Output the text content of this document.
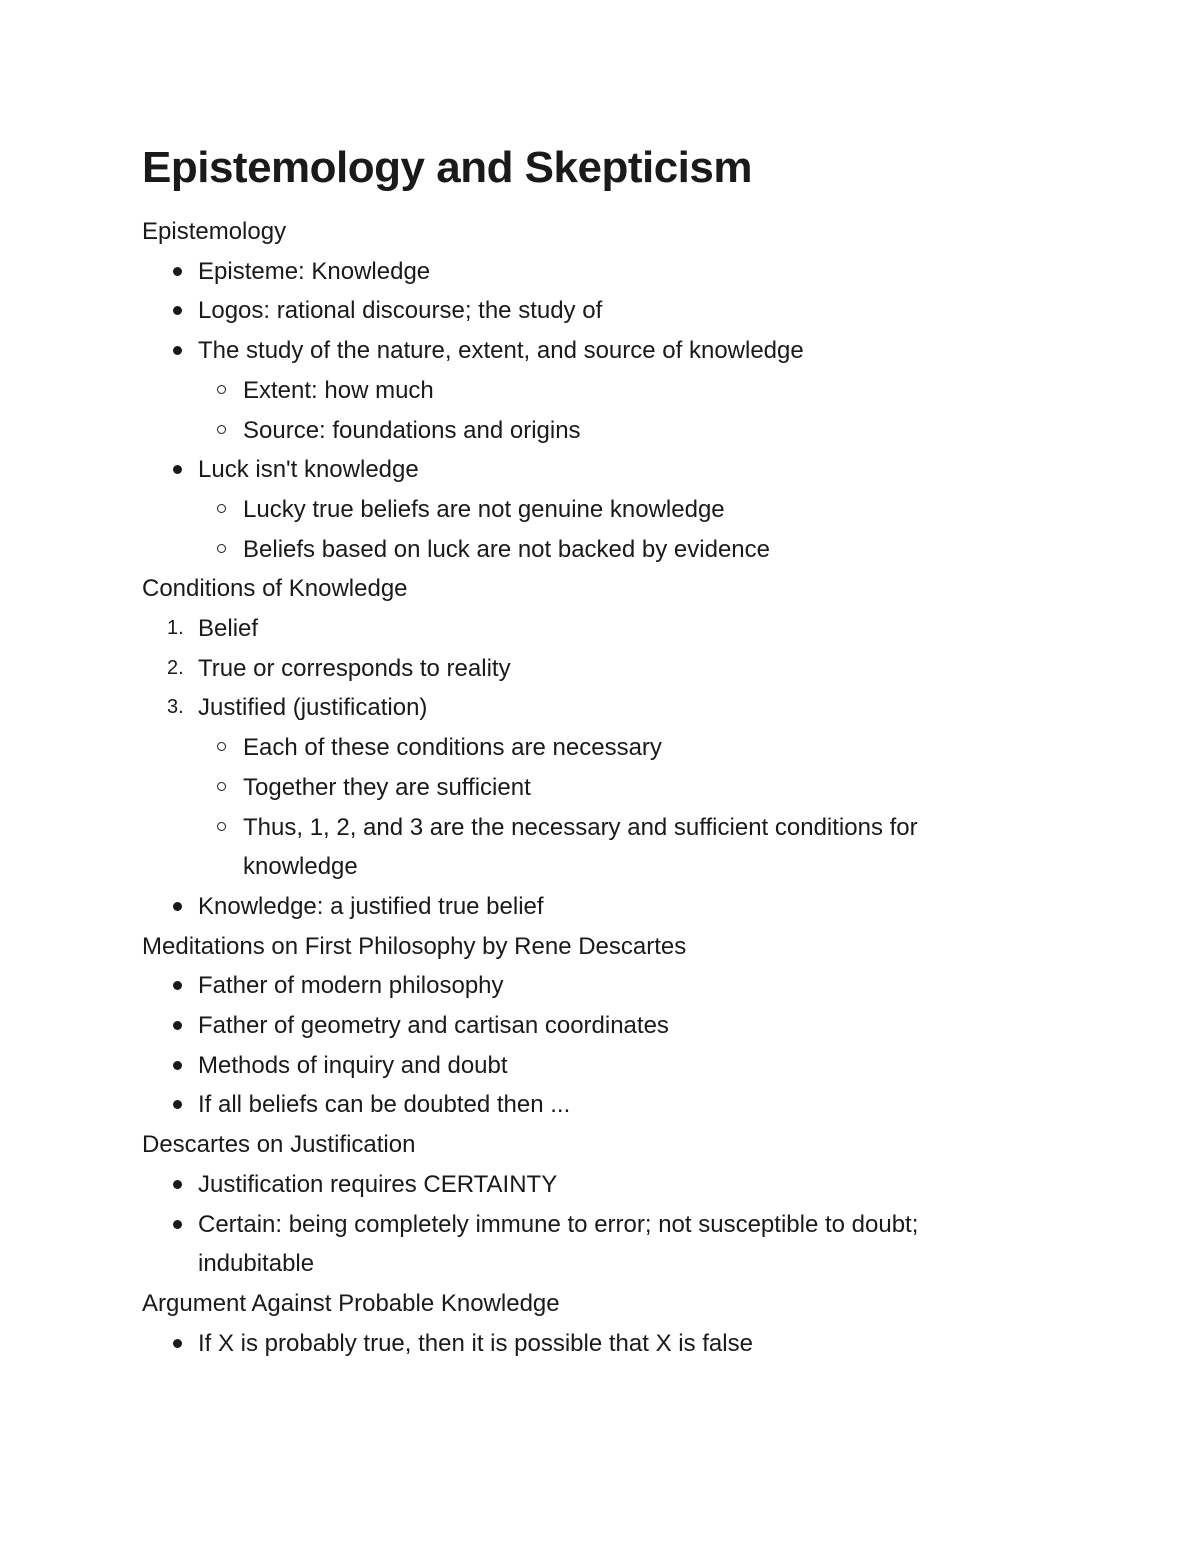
Epistemology and Skepticism
Epistemology
Episteme: Knowledge
Logos: rational discourse; the study of
The study of the nature, extent, and source of knowledge
Extent: how much
Source: foundations and origins
Luck isn't knowledge
Lucky true beliefs are not genuine knowledge
Beliefs based on luck are not backed by evidence
Conditions of Knowledge
1. Belief
2. True or corresponds to reality
3. Justified (justification)
Each of these conditions are necessary
Together they are sufficient
Thus, 1, 2, and 3 are the necessary and sufficient conditions for
knowledge
Knowledge: a justified true belief
Meditations on First Philosophy by Rene Descartes
Father of modern philosophy
Father of geometry and cartisan coordinates
Methods of inquiry and doubt
If all beliefs can be doubted then ...
Descartes on Justification
Justification requires CERTAINTY
Certain: being completely immune to error; not susceptible to doubt;
indubitable
Argument Against Probable Knowledge
If X is probably true, then it is possible that X is false
